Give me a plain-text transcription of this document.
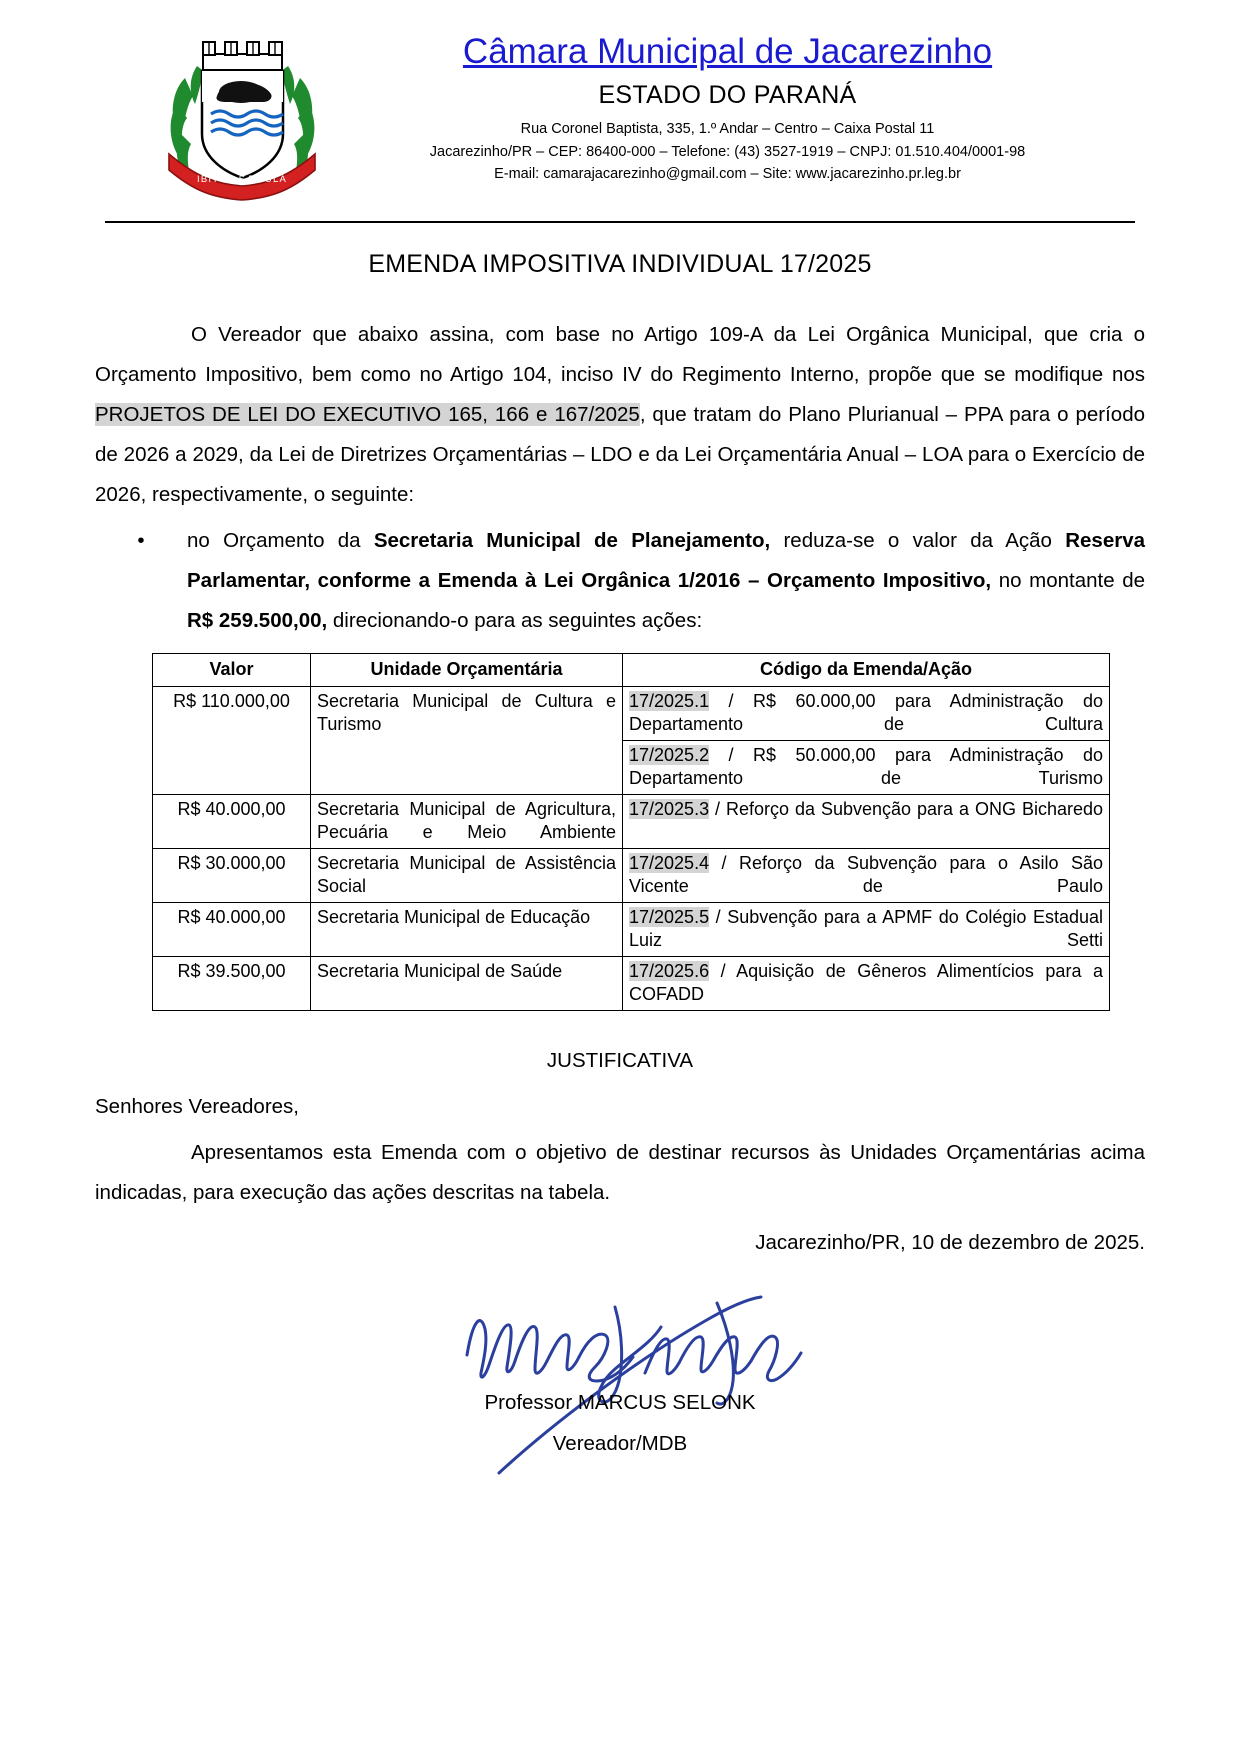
IBIT IN SÆCULA
Câmara Municipal de Jacarezinho
ESTADO DO PARANÁ
Rua Coronel Baptista, 335, 1.º Andar – Centro – Caixa Postal 11
Jacarezinho/PR – CEP: 86400-000 – Telefone: (43) 3527-1919 – CNPJ: 01.510.404/0001-98
E-mail: camarajacarezinho@gmail.com – Site: www.jacarezinho.pr.leg.br
EMENDA IMPOSITIVA INDIVIDUAL 17/2025
O Vereador que abaixo assina, com base no Artigo 109-A da Lei Orgânica Municipal, que cria o Orçamento Impositivo, bem como no Artigo 104, inciso IV do Regimento Interno, propõe que se modifique nos PROJETOS DE LEI DO EXECUTIVO 165, 166 e 167/2025, que tratam do Plano Plurianual – PPA para o período de 2026 a 2029, da Lei de Diretrizes Orçamentárias – LDO e da Lei Orçamentária Anual – LOA para o Exercício de 2026, respectivamente, o seguinte:
•	no Orçamento da Secretaria Municipal de Planejamento, reduza-se o valor da Ação Reserva Parlamentar, conforme a Emenda à Lei Orgânica 1/2016 – Orçamento Impositivo, no montante de R$ 259.500,00, direcionando-o para as seguintes ações:
Valor	Unidade Orçamentária	Código da Emenda/Ação
R$ 110.000,00	Secretaria Municipal de Cultura e Turismo	17/2025.1 / R$ 60.000,00 para Administração do Departamento de Cultura
		17/2025.2 / R$ 50.000,00 para Administração do Departamento de Turismo
R$ 40.000,00	Secretaria Municipal de Agricultura, Pecuária e Meio Ambiente	17/2025.3 / Reforço da Subvenção para a ONG Bicharedo
R$ 30.000,00	Secretaria Municipal de Assistência Social	17/2025.4 / Reforço da Subvenção para o Asilo São Vicente de Paulo
R$ 40.000,00	Secretaria Municipal de Educação	17/2025.5 / Subvenção para a APMF do Colégio Estadual Luiz Setti
R$ 39.500,00	Secretaria Municipal de Saúde	17/2025.6 / Aquisição de Gêneros Alimentícios para a COFADD
JUSTIFICATIVA
Senhores Vereadores,
Apresentamos esta Emenda com o objetivo de destinar recursos às Unidades Orçamentárias acima indicadas, para execução das ações descritas na tabela.
Jacarezinho/PR, 10 de dezembro de 2025.
Professor MARCUS SELONK
Vereador/MDB
